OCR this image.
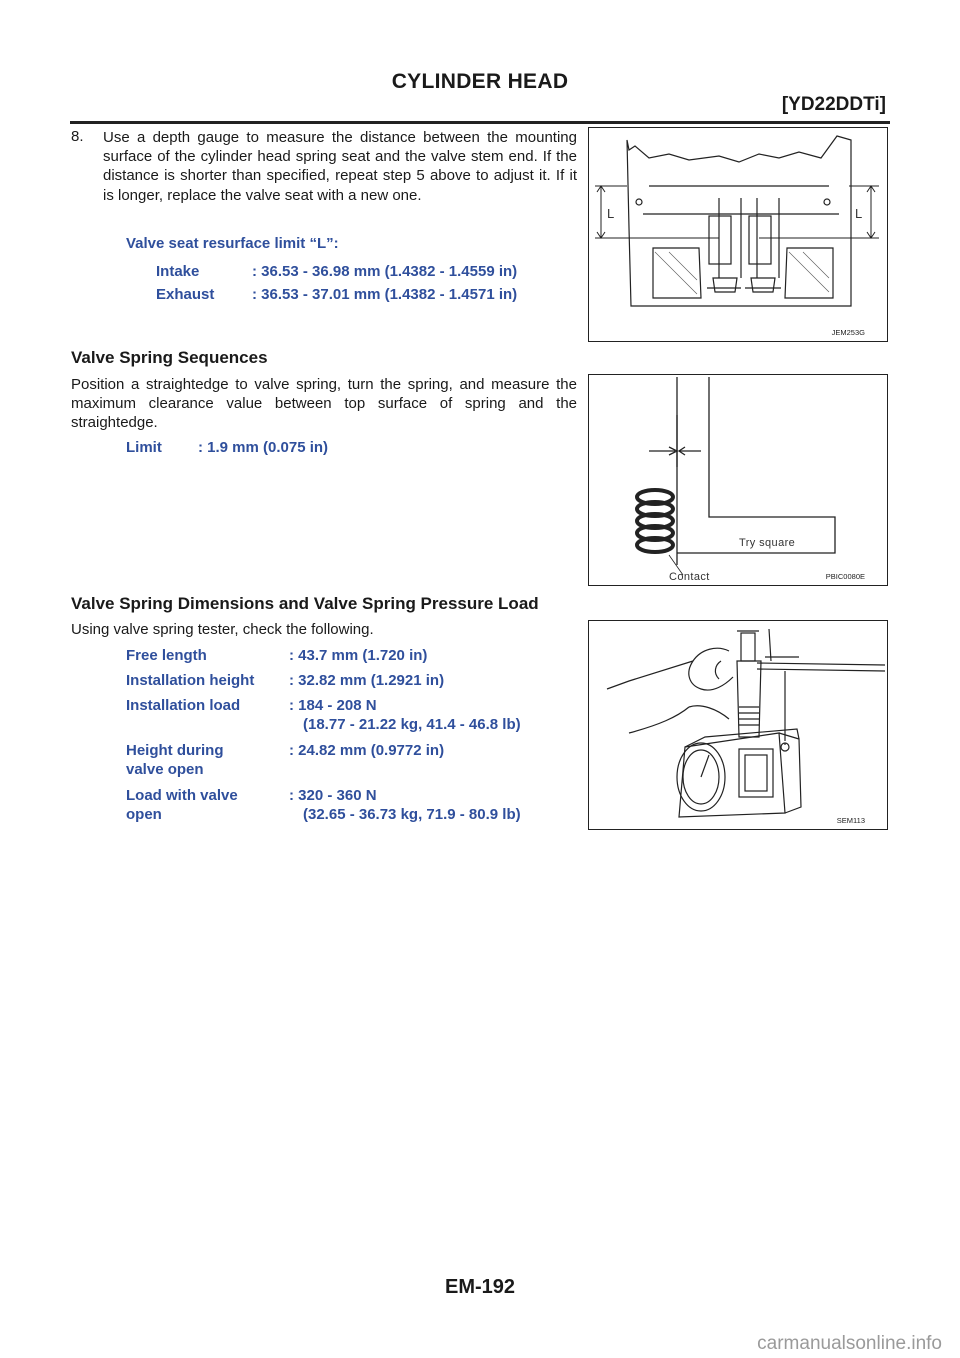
CYLINDER HEAD
[YD22DDTi]
8. Use a depth gauge to measure the distance between the mounting surface of the cylinder head spring seat and the valve stem end. If the distance is shorter than specified, repeat step 5 above to adjust it. If it is longer, replace the valve seat with a new one.
Valve seat resurface limit “L”:
Intake	: 36.53 - 36.98 mm (1.4382 - 1.4559 in)
Exhaust	: 36.53 - 37.01 mm (1.4382 - 1.4571 in)
L	L
JEM253G
Valve Spring Sequences
Position a straightedge to valve spring, turn the spring, and measure the maximum clearance value between top surface of spring and the straightedge.
Limit : 1.9 mm (0.075 in)
Try square
Contact	PBIC0080E
Valve Spring Dimensions and Valve Spring Pressure Load
Using valve spring tester, check the following.
Free length	: 43.7 mm (1.720 in)
Installation height : 32.82 mm (1.2921 in)
Installation load	: 184 - 208 N
(18.77 - 21.22 kg, 41.4 - 46.8 lb)
Height during
valve open
: 24.82 mm (0.9772 in)
Load with valve
open
: 320 - 360 N
(32.65 - 36.73 kg, 71.9 - 80.9 lb)	SEM113
EM-192
carmanualsonline.info
